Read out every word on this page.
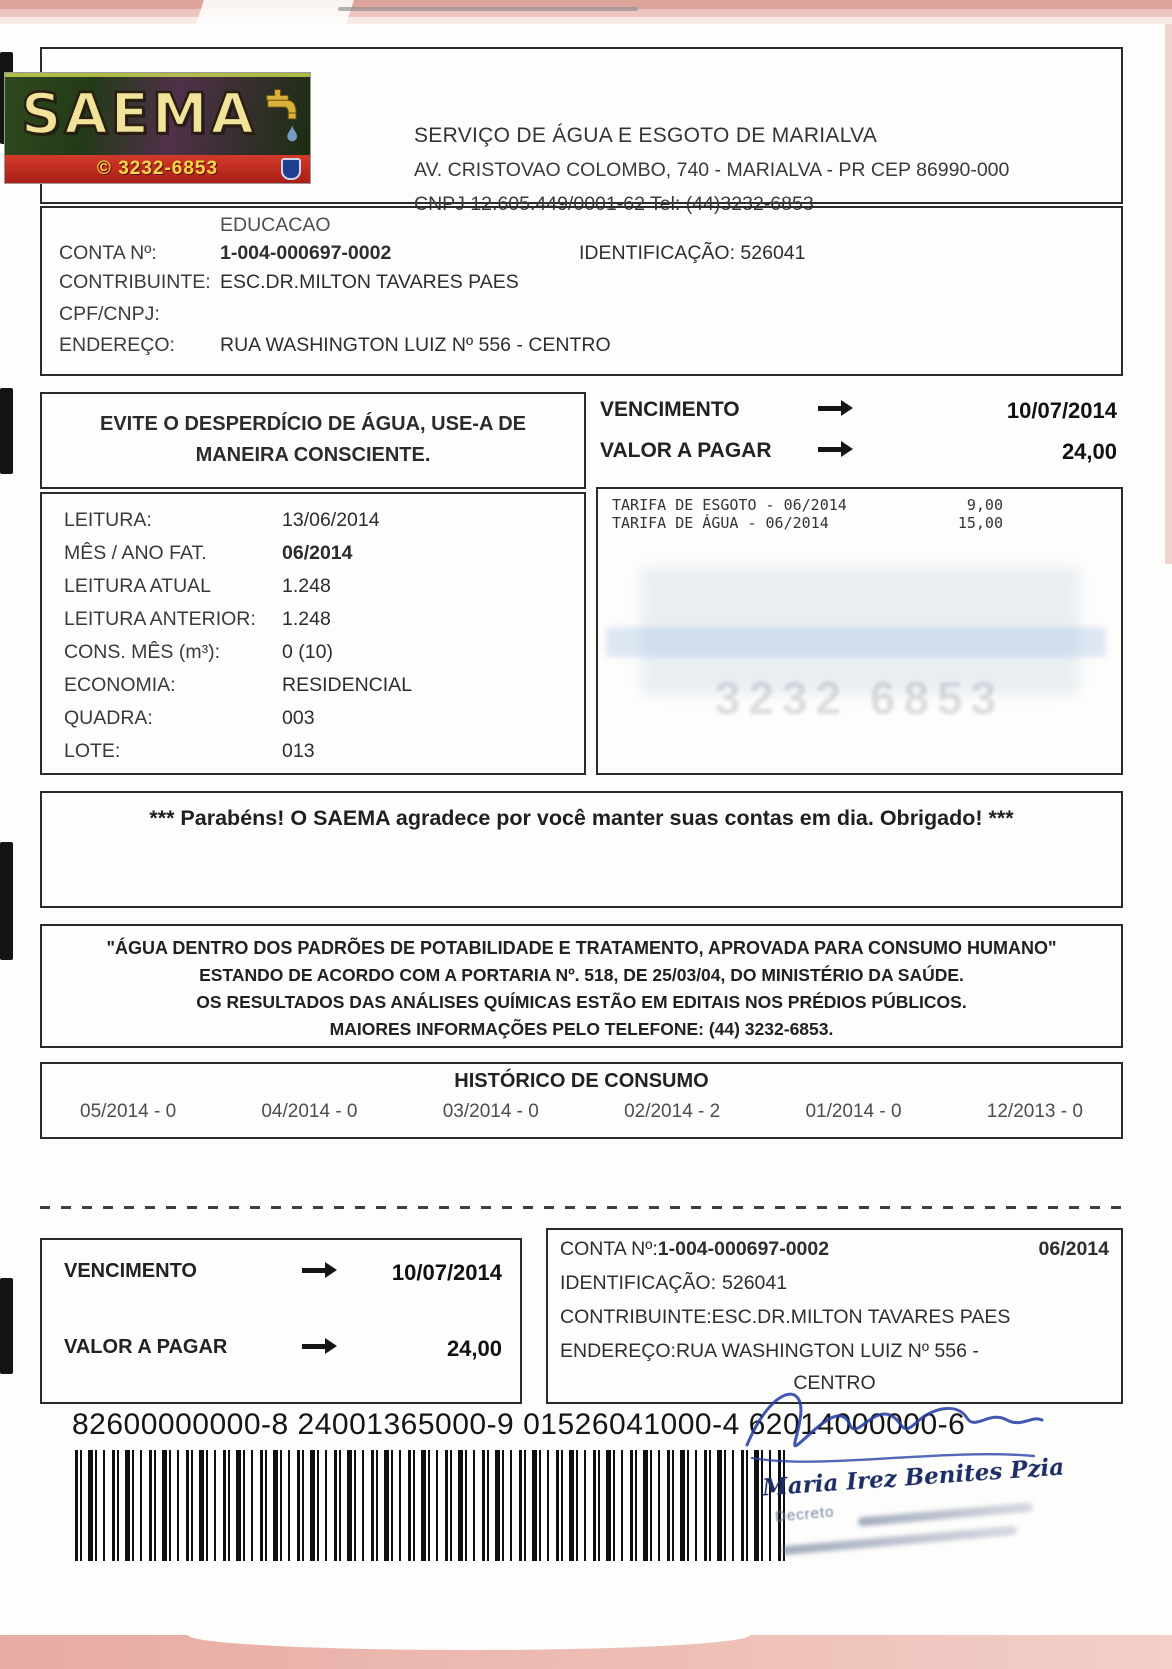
SERVIÇO DE ÁGUA E ESGOTO DE MARIALVA
AV. CRISTOVAO COLOMBO, 740 - MARIALVA - PR CEP 86990-000
CNPJ 12.605.449/0001-62 Tel: (44)3232-6853
SAEMA
© 3232-6853
EDUCACAO
CONTA Nº:	1-004-000697-0002	IDENTIFICAÇÃO: 526041
CONTRIBUINTE: ESC.DR.MILTON TAVARES PAES
CPF/CNPJ:
ENDEREÇO: RUA WASHINGTON LUIZ Nº 556 - CENTRO
EVITE O DESPERDÍCIO DE ÁGUA, USE-A DE
MANEIRA CONSCIENTE.
VENCIMENTO	10/07/2014
VALOR A PAGAR	24,00
LEITURA:	13/06/2014
MÊS / ANO FAT.	06/2014
LEITURA ATUAL	1.248
LEITURA ANTERIOR: 1.248
CONS. MÊS (m³):	0 (10)
ECONOMIA:	RESIDENCIAL
QUADRA:	003
LOTE:	013
3232 6853
TARIFA DE ESGOTO - 06/2014	9,00
TARIFA DE ÁGUA - 06/2014	15,00
*** Parabéns! O SAEMA agradece por você manter suas contas em dia. Obrigado! ***
"ÁGUA DENTRO DOS PADRÕES DE POTABILIDADE E TRATAMENTO, APROVADA PARA CONSUMO HUMANO"
ESTANDO DE ACORDO COM A PORTARIA Nº. 518, DE 25/03/04, DO MINISTÉRIO DA SAÚDE.
OS RESULTADOS DAS ANÁLISES QUÍMICAS ESTÃO EM EDITAIS NOS PRÉDIOS PÚBLICOS.
MAIORES INFORMAÇÕES PELO TELEFONE: (44) 3232-6853.
HISTÓRICO DE CONSUMO
05/2014 - 0	04/2014 - 0	03/2014 - 0	02/2014 - 2	01/2014 - 0	12/2013 - 0
VENCIMENTO	10/07/2014
VALOR A PAGAR	24,00
CONTA Nº:1-004-000697-0002	06/2014
IDENTIFICAÇÃO: 526041
CONTRIBUINTE:ESC.DR.MILTON TAVARES PAES
ENDEREÇO:RUA WASHINGTON LUIZ Nº 556 -
CENTRO
82600000000-8 24001365000-9 01526041000-4 62014000000-6
Maria Irez Benites Pzia
Decreto
